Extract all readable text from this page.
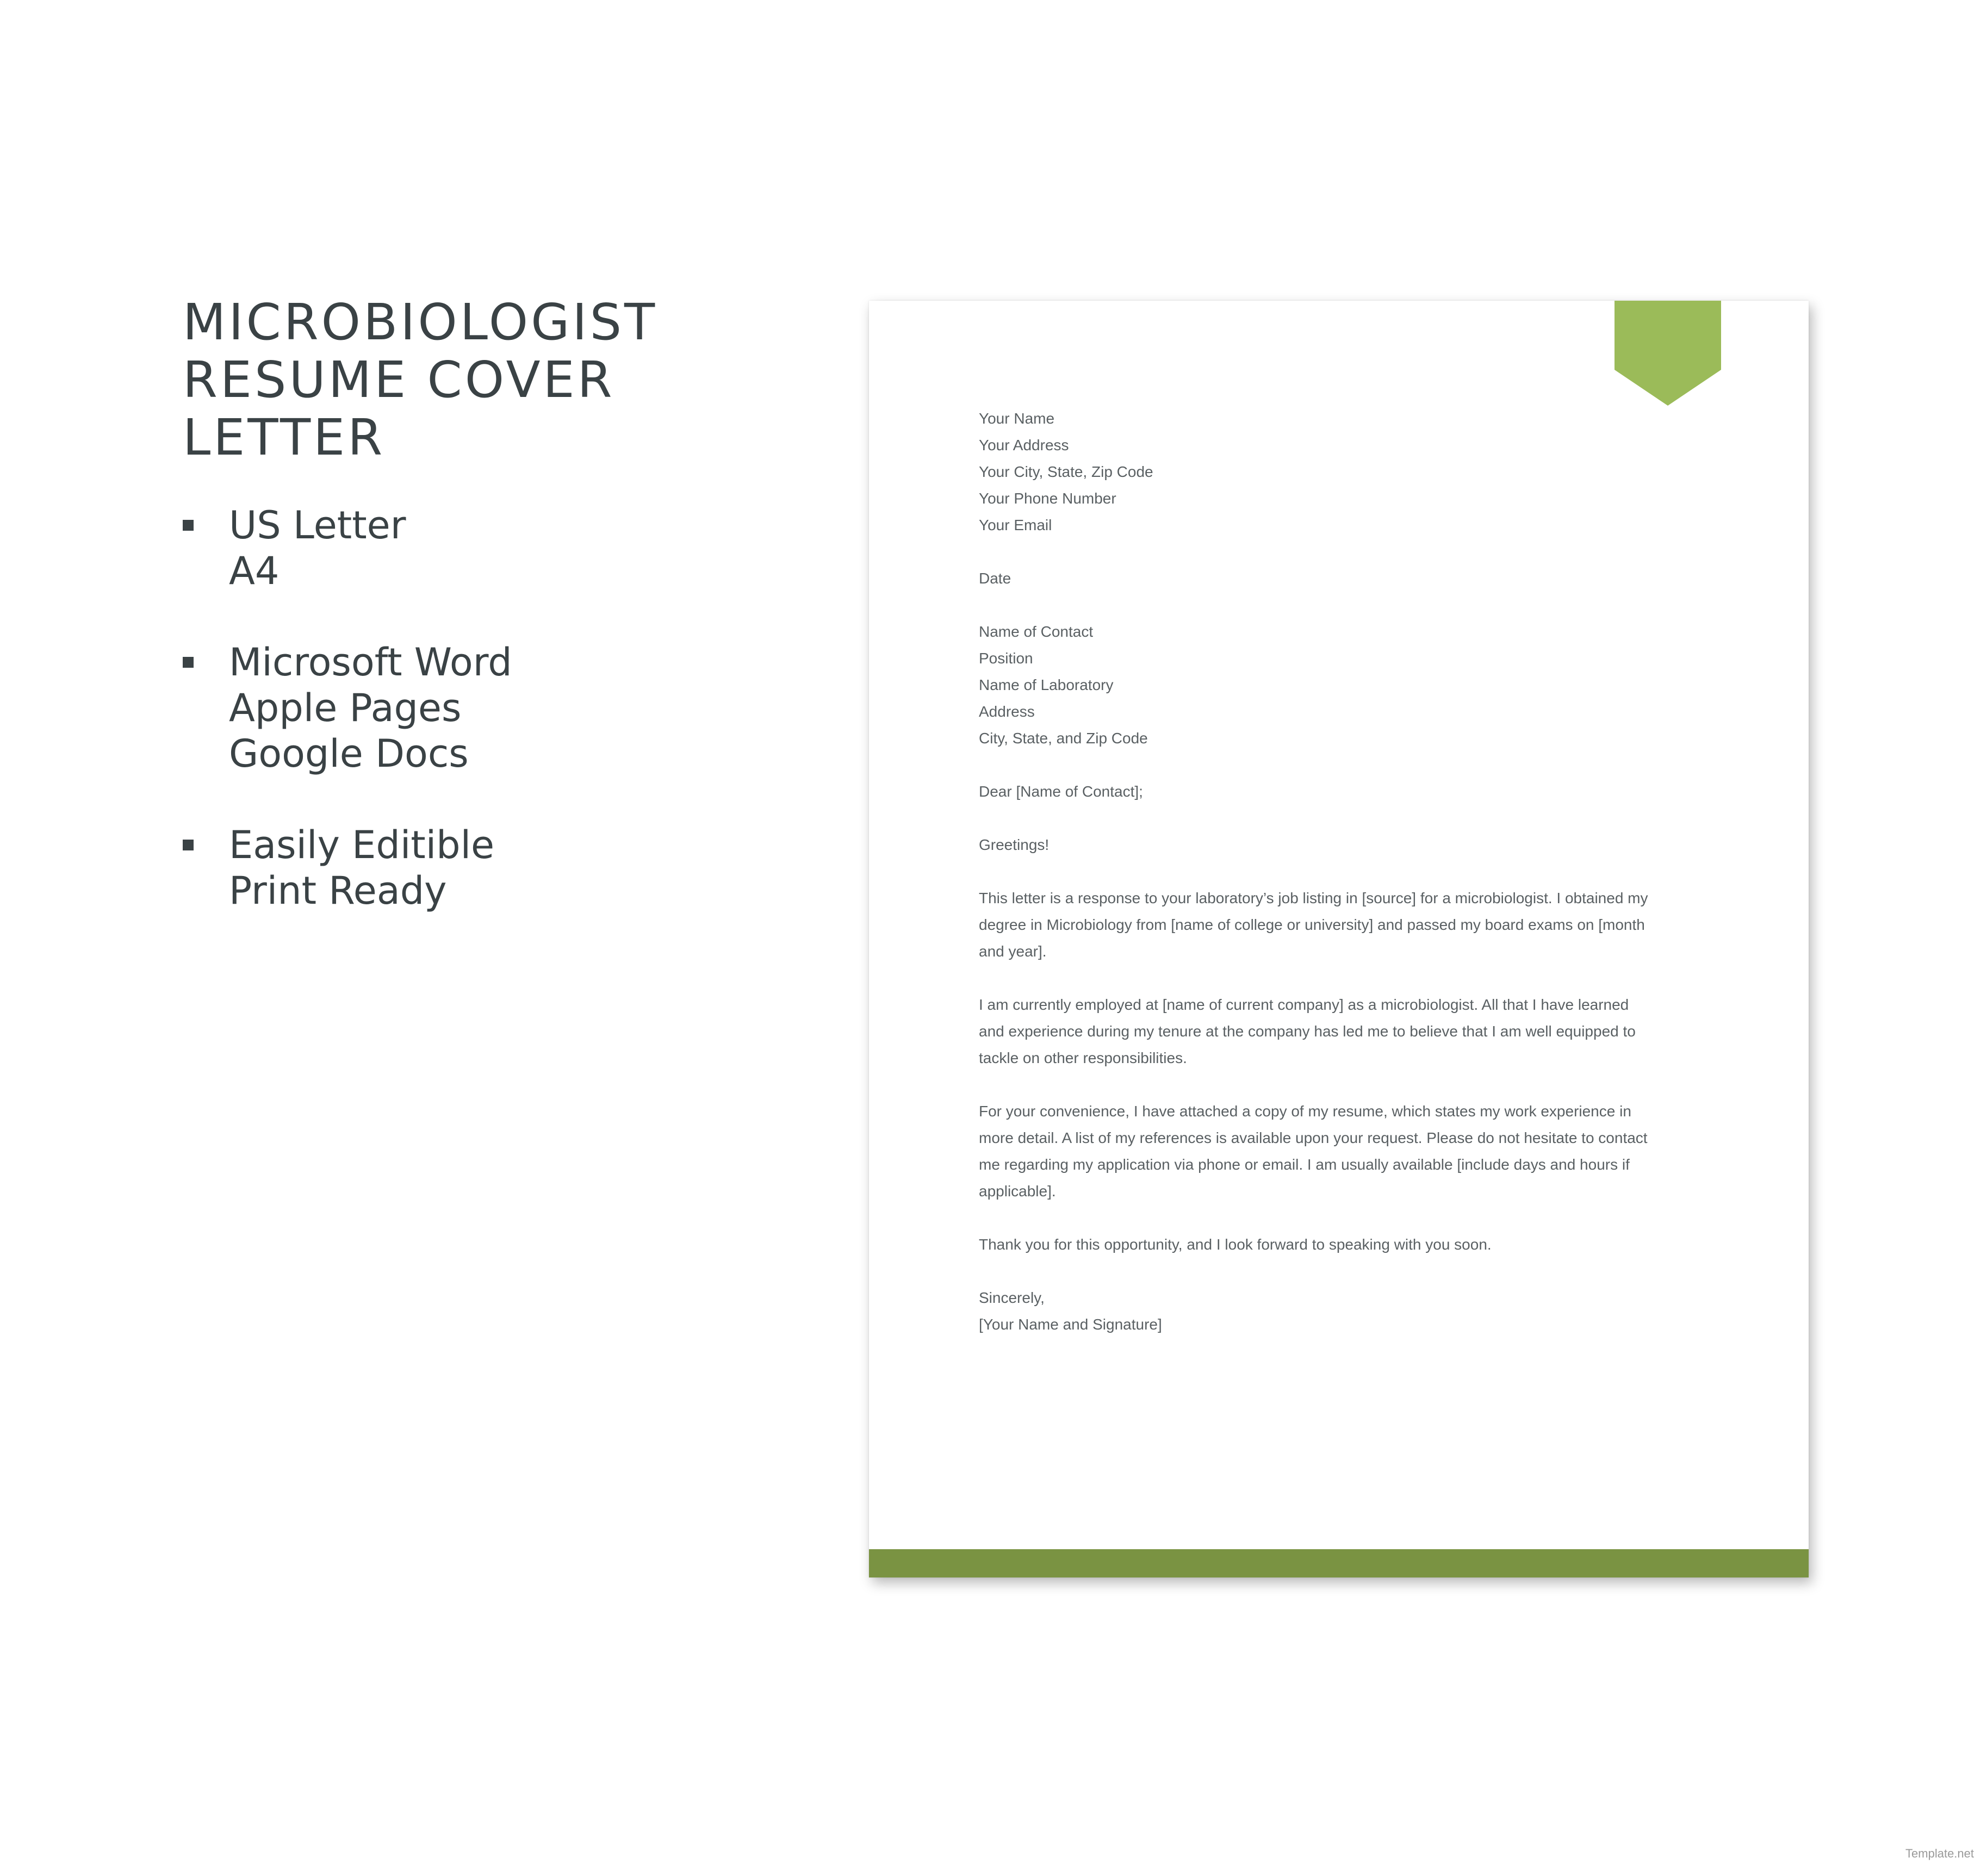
MICROBIOLOGIST
RESUME COVER LETTER
US Letter
A4
Microsoft Word
Apple Pages
Google Docs
Easily Editible
Print Ready

Your Name
Your Address
Your City, State, Zip Code
Your Phone Number
Your Email

Date

Name of Contact
Position
Name of Laboratory
Address
City, State, and Zip Code

Dear [Name of Contact];

Greetings!

This letter is a response to your laboratory’s job listing in [source] for a microbiologist. I obtained my
degree in Microbiology from [name of college or university] and passed my board exams on [month
and year].

I am currently employed at [name of current company] as a microbiologist. All that I have learned
and experience during my tenure at the company has led me to believe that I am well equipped to
tackle on other responsibilities.

For your convenience, I have attached a copy of my resume, which states my work experience in
more detail. A list of my references is available upon your request. Please do not hesitate to contact
me regarding my application via phone or email. I am usually available [include days and hours if
applicable].

Thank you for this opportunity, and I look forward to speaking with you soon.

Sincerely,
[Your Name and Signature]

Template.net
